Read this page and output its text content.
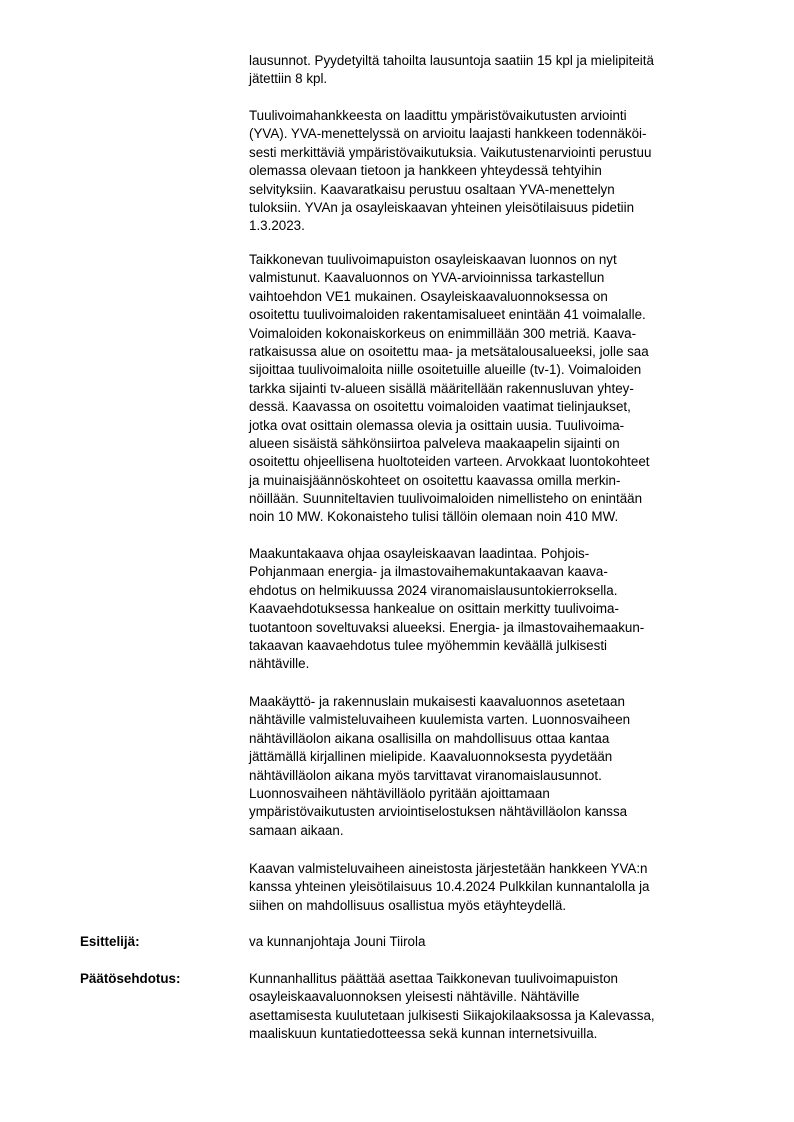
lausunnot. Pyydetyiltä tahoilta lausuntoja saatiin 15 kpl ja mielipiteitä
jätettiin 8 kpl.
Tuulivoimahankkeesta on laadittu ympäristövaikutusten arviointi
(YVA). YVA-menettelyssä on arvioitu laajasti hankkeen todennäköi-
sesti merkittäviä ympäristövaikutuksia. Vaikutustenarviointi perustuu
olemassa olevaan tietoon ja hankkeen yhteydessä tehtyihin
selvityksiin. Kaavaratkaisu perustuu osaltaan YVA-menettelyn
tuloksiin. YVAn ja osayleiskaavan yhteinen yleisötilaisuus pidetiin
1.3.2023.
Taikkonevan tuulivoimapuiston osayleiskaavan luonnos on nyt
valmistunut. Kaavaluonnos on YVA-arvioinnissa tarkastellun
vaihtoehdon VE1 mukainen. Osayleiskaavaluonnoksessa on
osoitettu tuulivoimaloiden rakentamisalueet enintään 41 voimalalle.
Voimaloiden kokonaiskorkeus on enimmillään 300 metriä. Kaava-
ratkaisussa alue on osoitettu maa- ja metsätalousalueeksi, jolle saa
sijoittaa tuulivoimaloita niille osoitetuille alueille (tv-1). Voimaloiden
tarkka sijainti tv-alueen sisällä määritellään rakennusluvan yhtey-
dessä. Kaavassa on osoitettu voimaloiden vaatimat tielinjaukset,
jotka ovat osittain olemassa olevia ja osittain uusia. Tuulivoima-
alueen sisäistä sähkönsiirtoa palveleva maakaapelin sijainti on
osoitettu ohjeellisena huoltoteiden varteen. Arvokkaat luontokohteet
ja muinaisjäännöskohteet on osoitettu kaavassa omilla merkin-
nöillään. Suunniteltavien tuulivoimaloiden nimellisteho on enintään
noin 10 MW. Kokonaisteho tulisi tällöin olemaan noin 410 MW.
Maakuntakaava ohjaa osayleiskaavan laadintaa. Pohjois-
Pohjanmaan energia- ja ilmastovaihemakuntakaavan kaava-
ehdotus on helmikuussa 2024 viranomaislausuntokierroksella.
Kaavaehdotuksessa hankealue on osittain merkitty tuulivoima-
tuotantoon soveltuvaksi alueeksi. Energia- ja ilmastovaihemaakun-
takaavan kaavaehdotus tulee myöhemmin keväällä julkisesti
nähtäville.
Maakäyttö- ja rakennuslain mukaisesti kaavaluonnos asetetaan
nähtäville valmisteluvaiheen kuulemista varten. Luonnosvaiheen
nähtävilläolon aikana osallisilla on mahdollisuus ottaa kantaa
jättämällä kirjallinen mielipide. Kaavaluonnoksesta pyydetään
nähtävilläolon aikana myös tarvittavat viranomaislausunnot.
Luonnosvaiheen nähtävilläolo pyritään ajoittamaan
ympäristövaikutusten arviointiselostuksen nähtävilläolon kanssa
samaan aikaan.
Kaavan valmisteluvaiheen aineistosta järjestetään hankkeen YVA:n
kanssa yhteinen yleisötilaisuus 10.4.2024 Pulkkilan kunnantalolla ja
siihen on mahdollisuus osallistua myös etäyhteydellä.
Esittelijä:	va kunnanjohtaja Jouni Tiirola
Päätösehdotus:	Kunnanhallitus päättää asettaa Taikkonevan tuulivoimapuiston
osayleiskaavaluonnoksen yleisesti nähtäville. Nähtäville
asettamisesta kuulutetaan julkisesti Siikajokilaaksossa ja Kalevassa,
maaliskuun kuntatiedotteessa sekä kunnan internetsivuilla.
